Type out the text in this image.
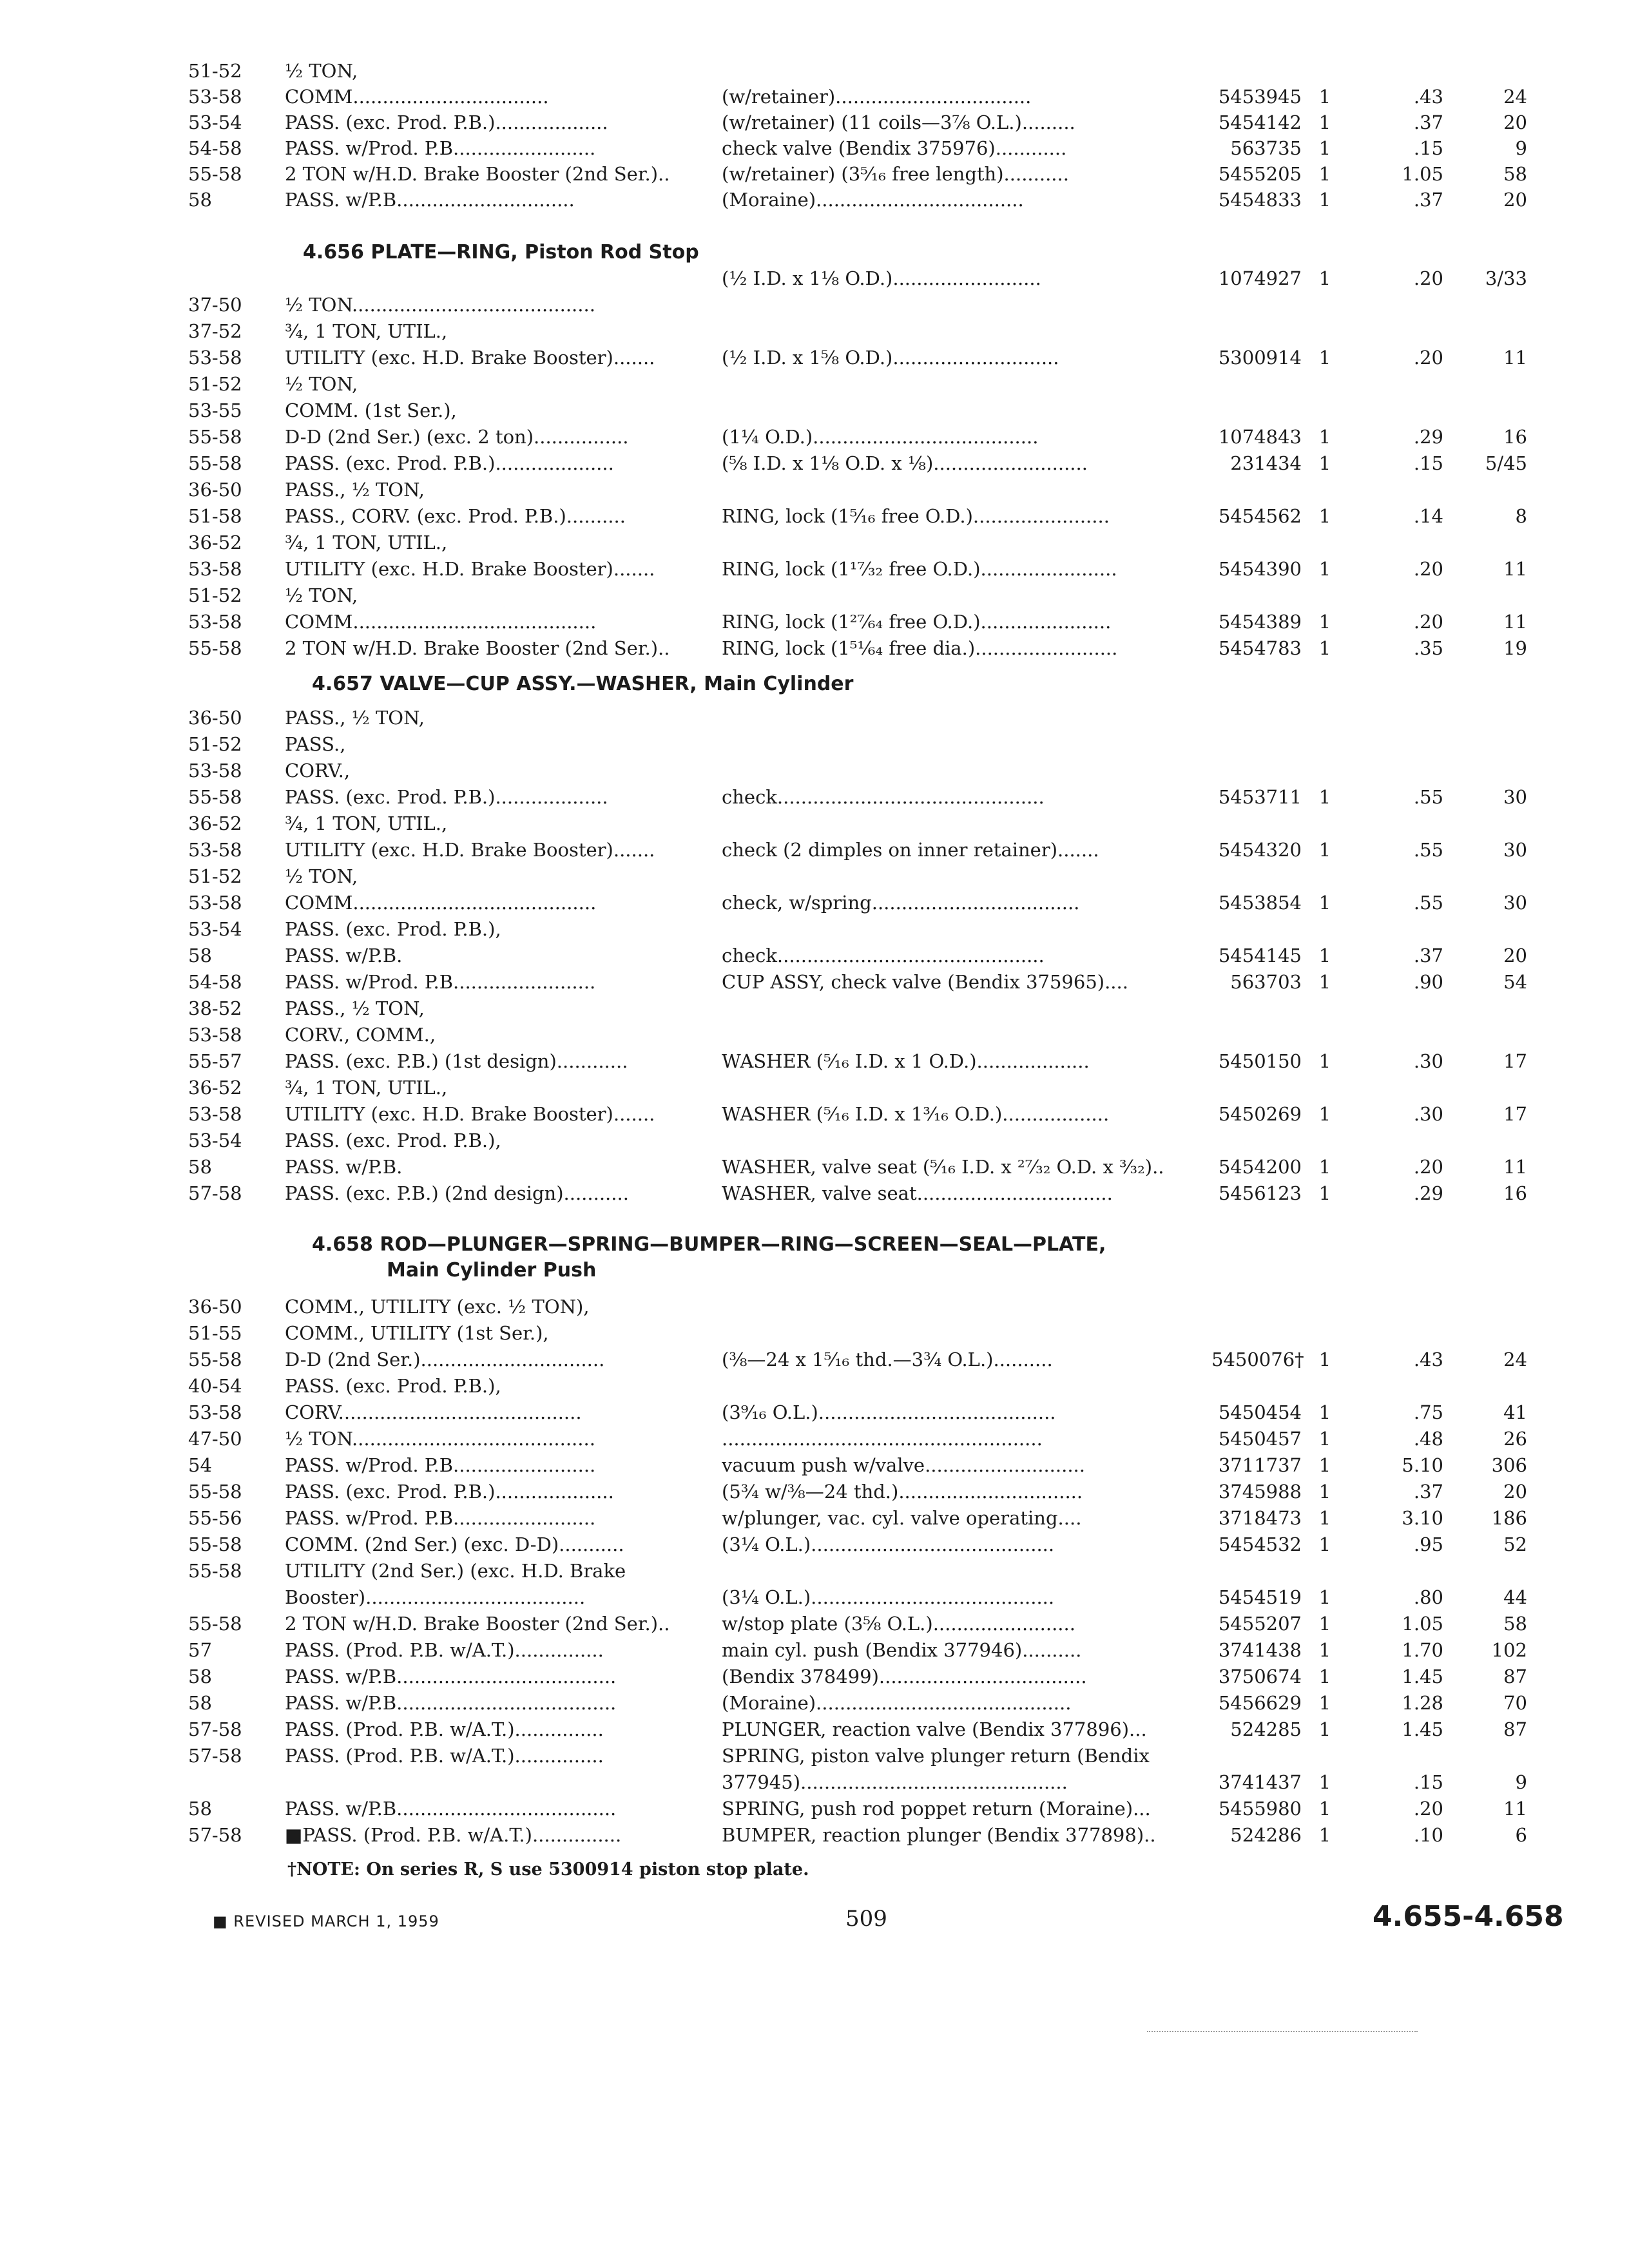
51-52	½ TON,
53-58	COMM.................................	(w/retainer).................................	5453945 1	.43	24
53-54	PASS. (exc. Prod. P.B.)...................	(w/retainer) (11 coils—3⅞ O.L.).........	5454142 1	.37	20
54-58	PASS. w/Prod. P.B........................	check valve (Bendix 375976)............	563735 1	.15	9
55-58	2 TON w/H.D. Brake Booster (2nd Ser.)..	(w/retainer) (3⁵⁄₁₆ free length)...........	5455205 1	1.05	58
58	PASS. w/P.B..............................	(Moraine)...................................	5454833 1	.37	20
4.656 PLATE—RING, Piston Rod Stop
(½ I.D. x 1⅛ O.D.).........................	1074927 1	.20	3/33
37-50	½ TON.........................................
37-52	¾, 1 TON, UTIL.,
53-58	UTILITY (exc. H.D. Brake Booster).......	(½ I.D. x 1⅝ O.D.)............................	5300914 1	.20	11
51-52	½ TON,
53-55	COMM. (1st Ser.),
55-58	D-D (2nd Ser.) (exc. 2 ton)................	(1¼ O.D.)......................................	1074843 1	.29	16
55-58	PASS. (exc. Prod. P.B.)....................	(⅝ I.D. x 1⅛ O.D. x ⅛)..........................	231434 1	.15	5/45
36-50	PASS., ½ TON,
51-58	PASS., CORV. (exc. Prod. P.B.)..........	RING, lock (1⁵⁄₁₆ free O.D.).......................	5454562 1	.14	8
36-52	¾, 1 TON, UTIL.,
53-58	UTILITY (exc. H.D. Brake Booster).......	RING, lock (1¹⁷⁄₃₂ free O.D.).......................	5454390 1	.20	11
51-52	½ TON,
53-58	COMM.........................................	RING, lock (1²⁷⁄₆₄ free O.D.)......................	5454389 1	.20	11
55-58	2 TON w/H.D. Brake Booster (2nd Ser.)..	RING, lock (1⁵¹⁄₆₄ free dia.)........................	5454783 1	.35	19
4.657 VALVE—CUP ASSY.—WASHER, Main Cylinder
36-50	PASS., ½ TON,
51-52	PASS.,
53-58	CORV.,
55-58	PASS. (exc. Prod. P.B.)...................	check.............................................	5453711 1	.55	30
36-52	¾, 1 TON, UTIL.,
53-58	UTILITY (exc. H.D. Brake Booster).......	check (2 dimples on inner retainer).......	5454320 1	.55	30
51-52	½ TON,
53-58	COMM.........................................	check, w/spring...................................	5453854 1	.55	30
53-54	PASS. (exc. Prod. P.B.),
58	PASS. w/P.B.	check.............................................	5454145 1	.37	20
54-58	PASS. w/Prod. P.B........................	CUP ASSY, check valve (Bendix 375965)....	563703 1	.90	54
38-52	PASS., ½ TON,
53-58	CORV., COMM.,
55-57	PASS. (exc. P.B.) (1st design)............	WASHER (⁵⁄₁₆ I.D. x 1 O.D.)...................	5450150 1	.30	17
36-52	¾, 1 TON, UTIL.,
53-58	UTILITY (exc. H.D. Brake Booster).......	WASHER (⁵⁄₁₆ I.D. x 1³⁄₁₆ O.D.)..................	5450269 1	.30	17
53-54	PASS. (exc. Prod. P.B.),
58	PASS. w/P.B.	WASHER, valve seat (⁵⁄₁₆ I.D. x ²⁷⁄₃₂ O.D. x ³⁄₃₂)..	5454200 1	.20	11
57-58	PASS. (exc. P.B.) (2nd design)...........	WASHER, valve seat.................................	5456123 1	.29	16
4.658 ROD—PLUNGER—SPRING—BUMPER—RING—SCREEN—SEAL—PLATE,
Main Cylinder Push
36-50	COMM., UTILITY (exc. ½ TON),
51-55	COMM., UTILITY (1st Ser.),
55-58	D-D (2nd Ser.)...............................	(⅜—24 x 1⁵⁄₁₆ thd.—3¾ O.L.)..........	5450076† 1	.43	24
40-54	PASS. (exc. Prod. P.B.),
53-58	CORV.........................................	(3⁹⁄₁₆ O.L.)........................................	5450454 1	.75	41
47-50	½ TON.........................................	......................................................	5450457 1	.48	26
54	PASS. w/Prod. P.B........................	vacuum push w/valve...........................	3711737 1	5.10	306
55-58	PASS. (exc. Prod. P.B.)....................	(5¾ w/⅜—24 thd.)...............................	3745988 1	.37	20
55-56	PASS. w/Prod. P.B........................	w/plunger, vac. cyl. valve operating....	3718473 1	3.10	186
55-58	COMM. (2nd Ser.) (exc. D-D)...........	(3¼ O.L.).........................................	5454532 1	.95	52
55-58	UTILITY (2nd Ser.) (exc. H.D. Brake
Booster).....................................	(3¼ O.L.).........................................	5454519 1	.80	44
55-58	2 TON w/H.D. Brake Booster (2nd Ser.)..	w/stop plate (3⅝ O.L.)........................	5455207 1	1.05	58
57	PASS. (Prod. P.B. w/A.T.)...............	main cyl. push (Bendix 377946)..........	3741438 1	1.70	102
58	PASS. w/P.B.....................................	(Bendix 378499)...................................	3750674 1	1.45	87
58	PASS. w/P.B.....................................	(Moraine)...........................................	5456629 1	1.28	70
57-58	PASS. (Prod. P.B. w/A.T.)...............	PLUNGER, reaction valve (Bendix 377896)...	524285 1	1.45	87
57-58	PASS. (Prod. P.B. w/A.T.)...............	SPRING, piston valve plunger return (Bendix
377945).............................................	3741437 1	.15	9
58	PASS. w/P.B.....................................	SPRING, push rod poppet return (Moraine)...	5455980 1	.20	11
57-58	■PASS. (Prod. P.B. w/A.T.)...............	BUMPER, reaction plunger (Bendix 377898)..	524286 1	.10	6
†NOTE: On series R, S use 5300914 piston stop plate.
■ REVISED MARCH 1, 1959	509	4.655-4.658
